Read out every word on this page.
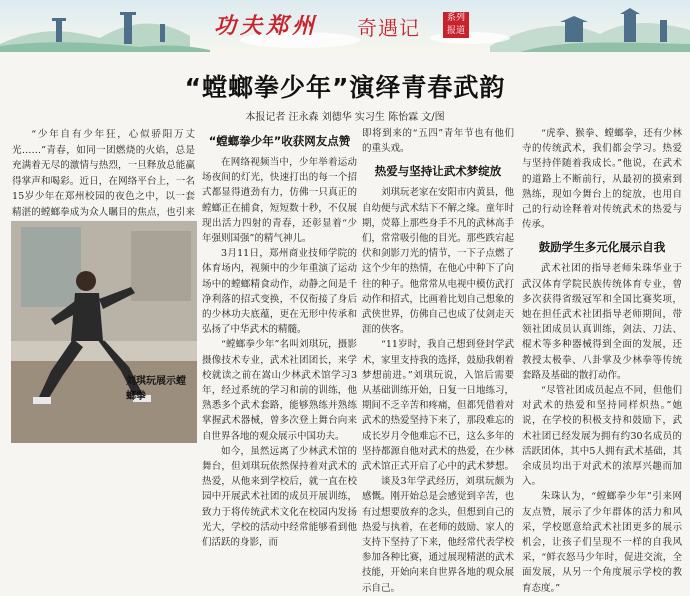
功夫郑州 奇遇记	系列报道
“螳螂拳少年”演绎青春武韵
本报记者 汪永森 刘德华 实习生 陈怡霖 文/图

“少年自有少年狂，心似骄阳万丈光……”青春，如同一团燃烧的火焰，总是充满着无尽的激情与热烈，一旦释放总能赢得掌声和喝彩。近日，在网络平台上，一名15岁少年在郑州校园的夜色之中，以一套精湛的螳螂拳成为众人瞩目的焦点，也引来

刘琪玩展示螳螂拳
“螳螂拳少年”收获网友点赞

在网络视频当中，少年举着运动场夜间的灯光，快速打出的每一个招式都显得遒劲有力，仿佛一只真正的螳螂正在捕食，短短数十秒，不仅展现出活力四射的青春，还彰显着“少年强则国强”的精气神儿。

3月11日，郑州商业技师学院的体育场内，视频中的少年重演了运动场中的螳螂精食动作，动静之间是千净利落的招式变换，不仅衔接了身后的少林功夫底蕴，更在无形中传承和弘扬了中华武术的精髓。

“螳螂拳少年”名叫刘琪玩，摄影摄像技术专业，武术社团团长，来学校就读之前在嵩山少林武术馆学习3年，经过系统的学习和前的训练，他熟悉多个武术套路，能够熟练并熟练掌握武术器械，曾多次登上舞台向来自世界各地的观众展示中国功夫。

如今，虽然远离了少林武术馆的舞台，但刘琪玩依然保持着对武术的热爱，从他来到学校后，就一直在校园中开展武术社团的成员开展训练，致力于将传统武术文化在校园内发扬光大，学校的活动中经常能够看到他们活跃的身影，而

即将到来的“五四”青年节也有他们的重头戏。

热爱与坚持让武术梦绽放

刘琪玩老家在安阳市内黄县，他自幼便与武术结下不解之缘。童年时期，荧幕上那些身手不凡的武林高手们，常常吸引他的目光。那些跌宕起伏和剑影刀光的情节，一下子点燃了这个少年的热情，在他心中种下了向往的种子。他常常从电视中模仿武打动作和招式，比画着比划自己想象的武侠世界，仿佛自己也成了仗剑走天涯的侠客。

“11岁时，我自己想到登封学武术，家里支持我的选择，鼓励我朝着梦想前进。”刘琪玩说，入馆后需要从基础训练开始，日复一日地练习，期间不乏辛苦和疼痛，但都凭借着对武术的热爱坚持下来了，那段难忘的成长岁月令他难忘不已，这么多年的坚持都源自他对武术的热爱，在少林武术馆正式开启了心中的武术梦想。

谈及3年学武经历，刘琪玩颇为感慨。刚开始总是会感觉到辛苦，也有过想要放弃的念头，但想到自己的热爱与执着，在老师的鼓励、家人的支持下坚持了下来，他经常代表学校参加各种比赛，通过展现精湛的武术技能，开始向来自世界各地的观众展示自己。

“虎拳、猴拳、螳螂拳，还有少林寺的传统武术，我们都会学习。热爱与坚持伴随着我成长。”他说，在武术的道路上不断前行，从最初的摸索到熟练，现如今舞台上的绽放，也用自己的行动诠释着对传统武术的热爱与传承。

鼓励学生多元化展示自我

武术社团的指导老师朱珠华业于武汉体育学院民族传统体育专业，曾多次获得省级冠军和全国比赛奖项，她在担任武术社团指导老师期间，带领社团成员认真训练，剑法、刀法、棍术等多种器械得到全面的发展，还教授太极拳、八卦掌及少林拳等传统套路及基础的散打动作。

“尽管社团成员起点不同，但他们对武术的热爱和坚持同样炽热。”她说，在学校的积极支持和鼓励下，武术社团已经发展为拥有约30名成员的活跃团体，其中5人拥有武术基础，其余成员均出于对武术的浓厚兴趣而加入。

朱珠认为，“螳螂拳少年”引来网友点赞，展示了少年群体的活力和风采，学校愿意给武术社团更多的展示机会，让孩子们呈现不一样的自我风采，“鲜衣怒马少年时，促进交流，全面发展，从另一个角度展示学校的教育态度。”
